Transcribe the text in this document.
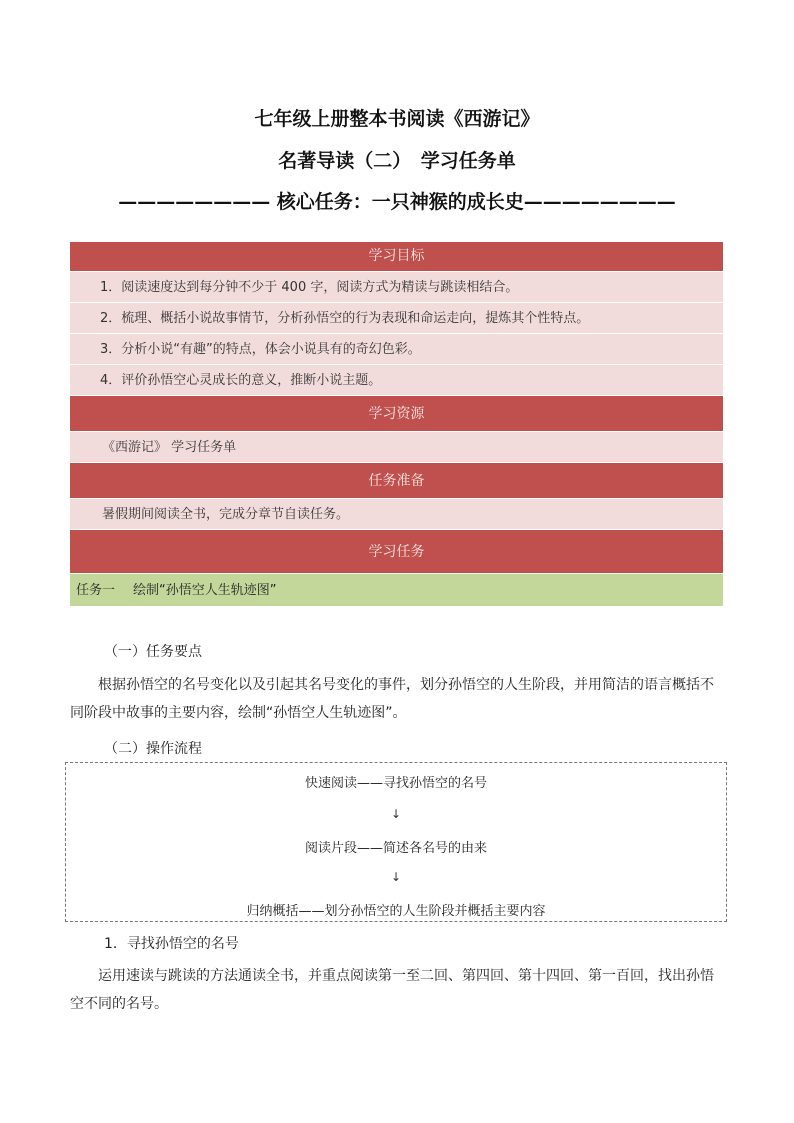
七年级上册整本书阅读《西游记》
名著导读（二）　学习任务单
———————— 核心任务：一只神猴的成长史————————
学习目标
1．阅读速度达到每分钟不少于 400 字，阅读方式为精读与跳读相结合。
2．梳理、概括小说故事情节，分析孙悟空的行为表现和命运走向，提炼其个性特点。
3．分析小说“有趣”的特点，体会小说具有的奇幻色彩。
4．评价孙悟空心灵成长的意义，推断小说主题。
学习资源
《西游记》 学习任务单
任务准备
暑假期间阅读全书，完成分章节自读任务。
学习任务
任务一 绘制“孙悟空人生轨迹图”
（一）任务要点
根据孙悟空的名号变化以及引起其名号变化的事件，划分孙悟空的人生阶段，并用简洁的语言概括不同阶段中故事的主要内容，绘制“孙悟空人生轨迹图”。
（二）操作流程
快速阅读——寻找孙悟空的名号
↓
阅读片段——简述各名号的由来
↓
归纳概括——划分孙悟空的人生阶段并概括主要内容
1．寻找孙悟空的名号
运用速读与跳读的方法通读全书，并重点阅读第一至二回、第四回、第十四回、第一百回，找出孙悟空不同的名号。
